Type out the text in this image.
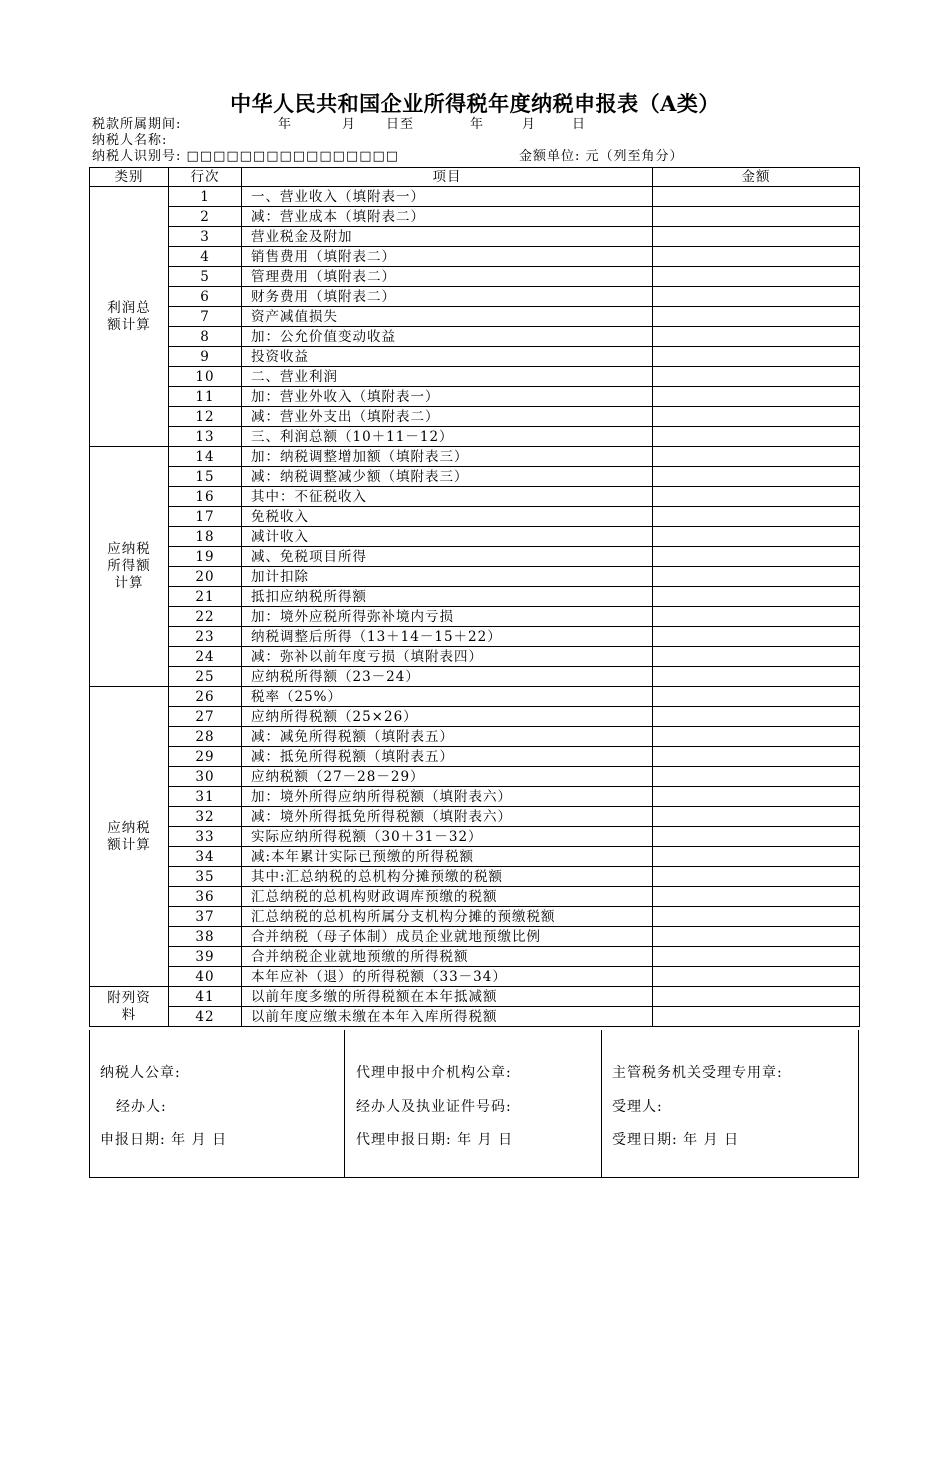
中华人民共和国企业所得税年度纳税申报表（A类）
税款所属期间:	年	月 日至	年	月	日
纳税人名称:
纳税人识别号: □□□□□□□□□□□□□□□□	金额单位: 元（列至角分）
类别	行次	项目	金额
利润总额计算	1	一、营业收入（填附表一）	
	2	减：营业成本（填附表二）	
	3	营业税金及附加	
	4	销售费用（填附表二）	
	5	管理费用（填附表二）	
	6	财务费用（填附表二）	
	7	资产减值损失	
	8	加：公允价值变动收益	
	9	投资收益	
	10	二、营业利润	
	11	加：营业外收入（填附表一）	
	12	减：营业外支出（填附表二）	
	13	三、利润总额（10＋11－12）	
应纳税所得额计算	14	加：纳税调整增加额（填附表三）	
	15	减：纳税调整减少额（填附表三）	
	16	其中：不征税收入	
	17	免税收入	
	18	减计收入	
	19	减、免税项目所得	
	20	加计扣除	
	21	抵扣应纳税所得额	
	22	加：境外应税所得弥补境内亏损	
	23	纳税调整后所得（13＋14－15＋22）	
	24	减：弥补以前年度亏损（填附表四）	
	25	应纳税所得额（23－24）	
应纳税额计算	26	税率（25%）	
	27	应纳所得税额（25×26）	
	28	减：减免所得税额（填附表五）	
	29	减：抵免所得税额（填附表五）	
	30	应纳税额（27－28－29）	
	31	加：境外所得应纳所得税额（填附表六）	
	32	减：境外所得抵免所得税额（填附表六）	
	33	实际应纳所得税额（30＋31－32）	
	34	减:本年累计实际已预缴的所得税额	
	35	其中:汇总纳税的总机构分摊预缴的税额	
	36	汇总纳税的总机构财政调库预缴的税额	
	37	汇总纳税的总机构所属分支机构分摊的预缴税额	
	38	合并纳税（母子体制）成员企业就地预缴比例	
	39	合并纳税企业就地预缴的所得税额	
	40	本年应补（退）的所得税额（33－34）	
附列资料	41	以前年度多缴的所得税额在本年抵减额	
	42	以前年度应缴未缴在本年入库所得税额	
纳税人公章:
经办人:
申报日期: 年 月 日
代理申报中介机构公章:
经办人及执业证件号码:
代理申报日期: 年 月 日
主管税务机关受理专用章:
受理人:
受理日期: 年 月 日
